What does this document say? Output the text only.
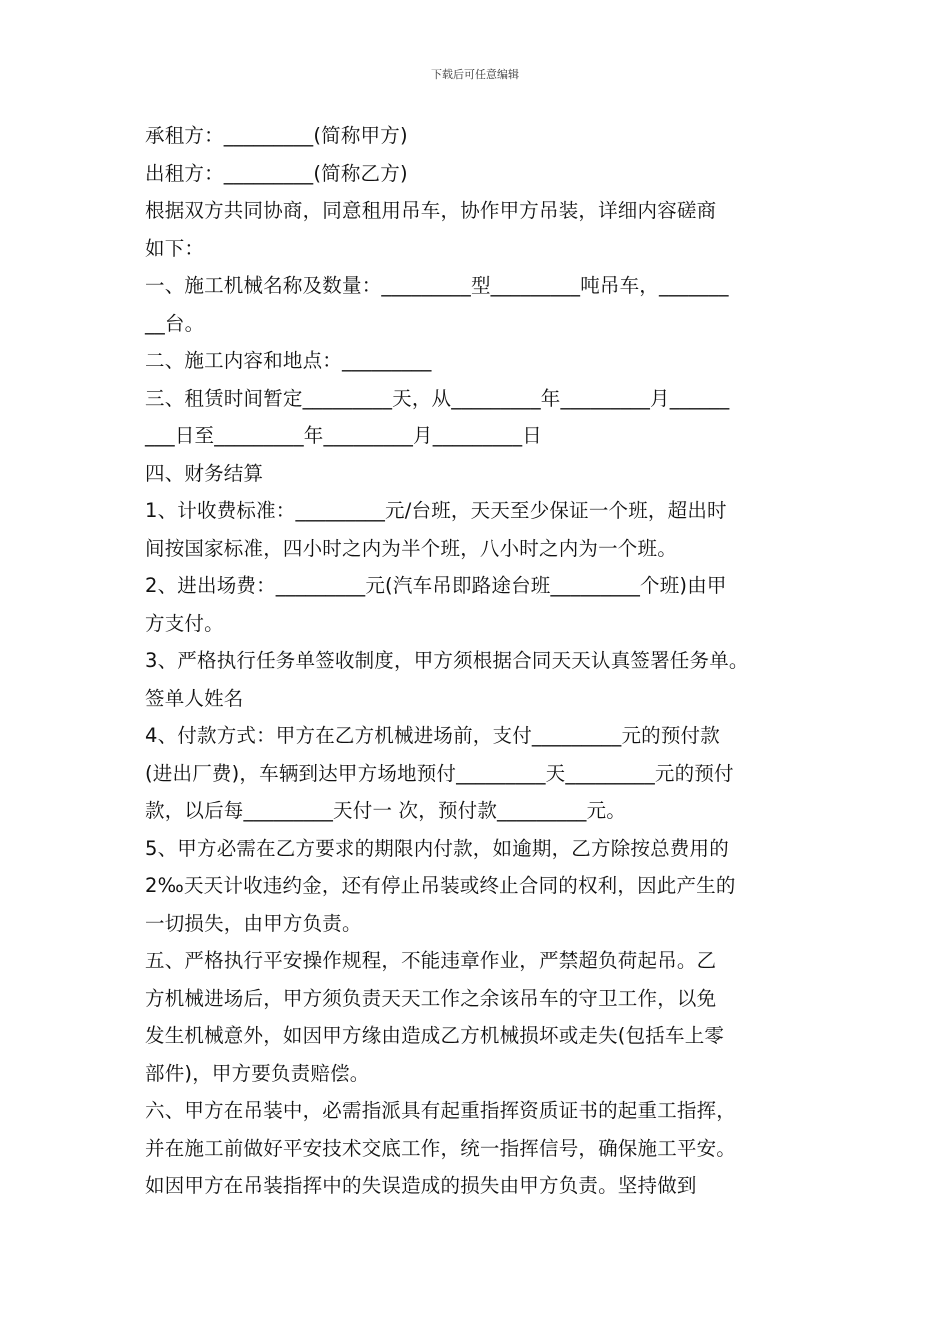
下载后可任意编辑
承租方：_________(简称甲方)
出租方：_________(简称乙方)
根据双方共同协商，同意租用吊车，协作甲方吊装，详细内容磋商
如下：
一、施工机械名称及数量：_________型_________吨吊车，_______
__台。
二、施工内容和地点：_________
三、租赁时间暂定_________天，从_________年_________月______
___日至_________年_________月_________日
四、财务结算
1、计收费标准：_________元/台班，天天至少保证一个班，超出时
间按国家标准，四小时之内为半个班，八小时之内为一个班。
2、进出场费：_________元(汽车吊即路途台班_________个班)由甲
方支付。
3、严格执行任务单签收制度，甲方须根据合同天天认真签署任务单。
签单人姓名
4、付款方式：甲方在乙方机械进场前，支付_________元的预付款
(进出厂费)，车辆到达甲方场地预付_________天_________元的预付
款，以后每_________天付一 次，预付款_________元。
5、甲方必需在乙方要求的期限内付款，如逾期，乙方除按总费用的
2‰天天计收违约金，还有停止吊装或终止合同的权利，因此产生的
一切损失，由甲方负责。
五、严格执行平安操作规程，不能违章作业，严禁超负荷起吊。乙
方机械进场后，甲方须负责天天工作之余该吊车的守卫工作，以免
发生机械意外，如因甲方缘由造成乙方机械损坏或走失(包括车上零
部件)，甲方要负责赔偿。
六、甲方在吊装中，必需指派具有起重指挥资质证书的起重工指挥，
并在施工前做好平安技术交底工作，统一指挥信号，确保施工平安。
如因甲方在吊装指挥中的失误造成的损失由甲方负责。坚持做到
